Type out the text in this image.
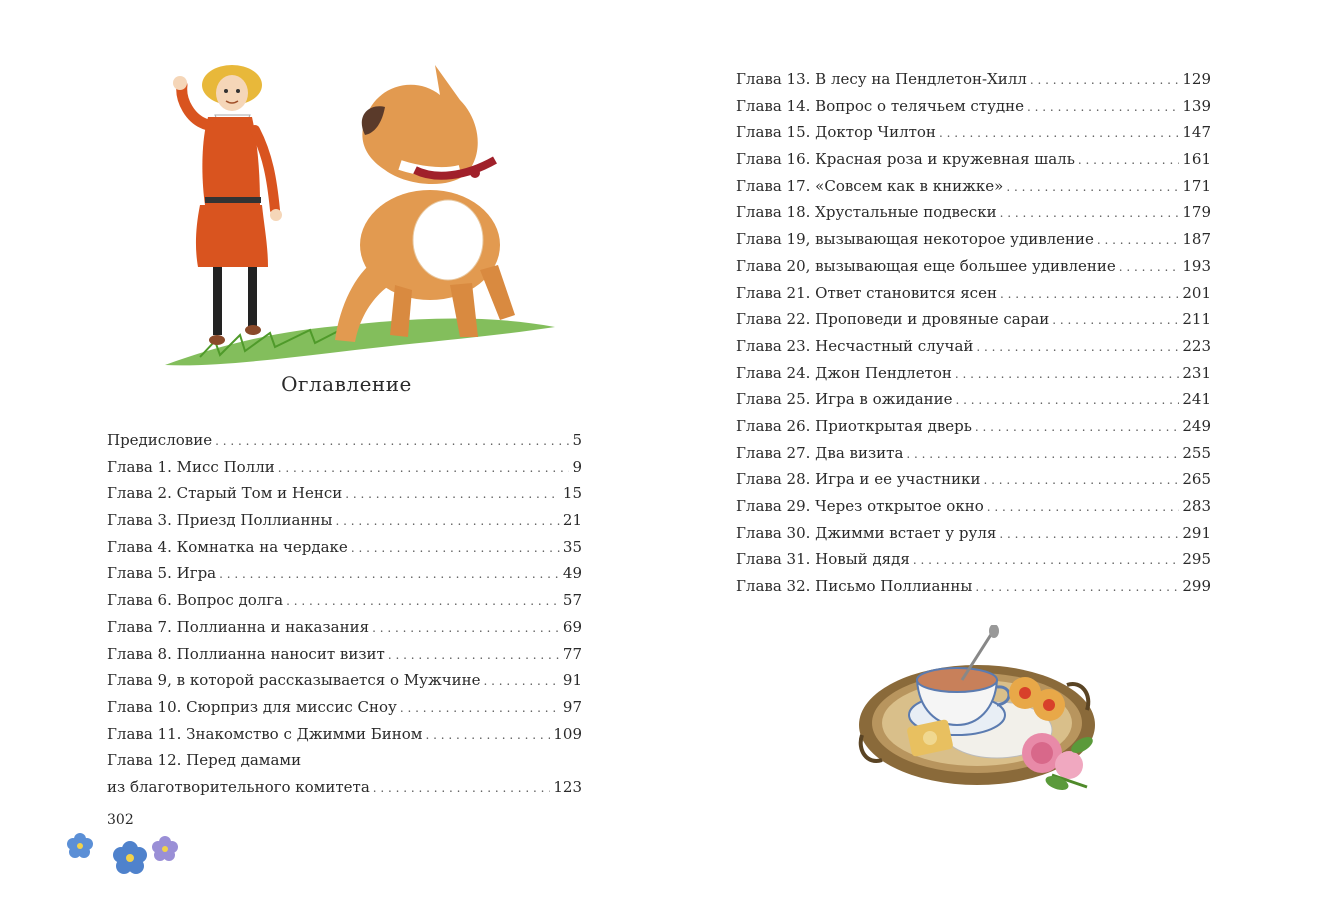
Оглавление
Предисловие . . .	5
Глава 1. Мисс Полли . . .	9
Глава 2. Старый Том и Ненси . . .	15
Глава 3. Приезд Поллианны . . .	21
Глава 4. Комнатка на чердаке . . .	35
Глава 5. Игра . . .	49
Глава 6. Вопрос долга . . .	57
Глава 7. Поллианна и наказания . . .	69
Глава 8. Поллианна наносит визит . . .	77
Глава 9, в которой рассказывается о Мужчине . . .	91
Глава 10. Сюрприз для миссис Сноу . . .	97
Глава 11. Знакомство с Джимми Бином . . .	109
Глава 12. Перед дамами
из благотворительного комитета . . .	123
302
Глава 13. В лесу на Пендлетон-Хилл . . .	129
Глава 14. Вопрос о телячьем студне . . .	139
Глава 15. Доктор Чилтон . . .	147
Глава 16. Красная роза и кружевная шаль . . .	161
Глава 17. «Совсем как в книжке» . . .	171
Глава 18. Хрустальные подвески . . .	179
Глава 19, вызывающая некоторое удивление . . .	187
Глава 20, вызывающая еще большее удивление . . .	193
Глава 21. Ответ становится ясен . . .	201
Глава 22. Проповеди и дровяные сараи . . .	211
Глава 23. Несчастный случай . . .	223
Глава 24. Джон Пендлетон . . .	231
Глава 25. Игра в ожидание . . .	241
Глава 26. Приоткрытая дверь . . .	249
Глава 27. Два визита . . .	255
Глава 28. Игра и ее участники . . .	265
Глава 29. Через открытое окно . . .	283
Глава 30. Джимми встает у руля . . .	291
Глава 31. Новый дядя . . .	295
Глава 32. Письмо Поллианны . . .	299
